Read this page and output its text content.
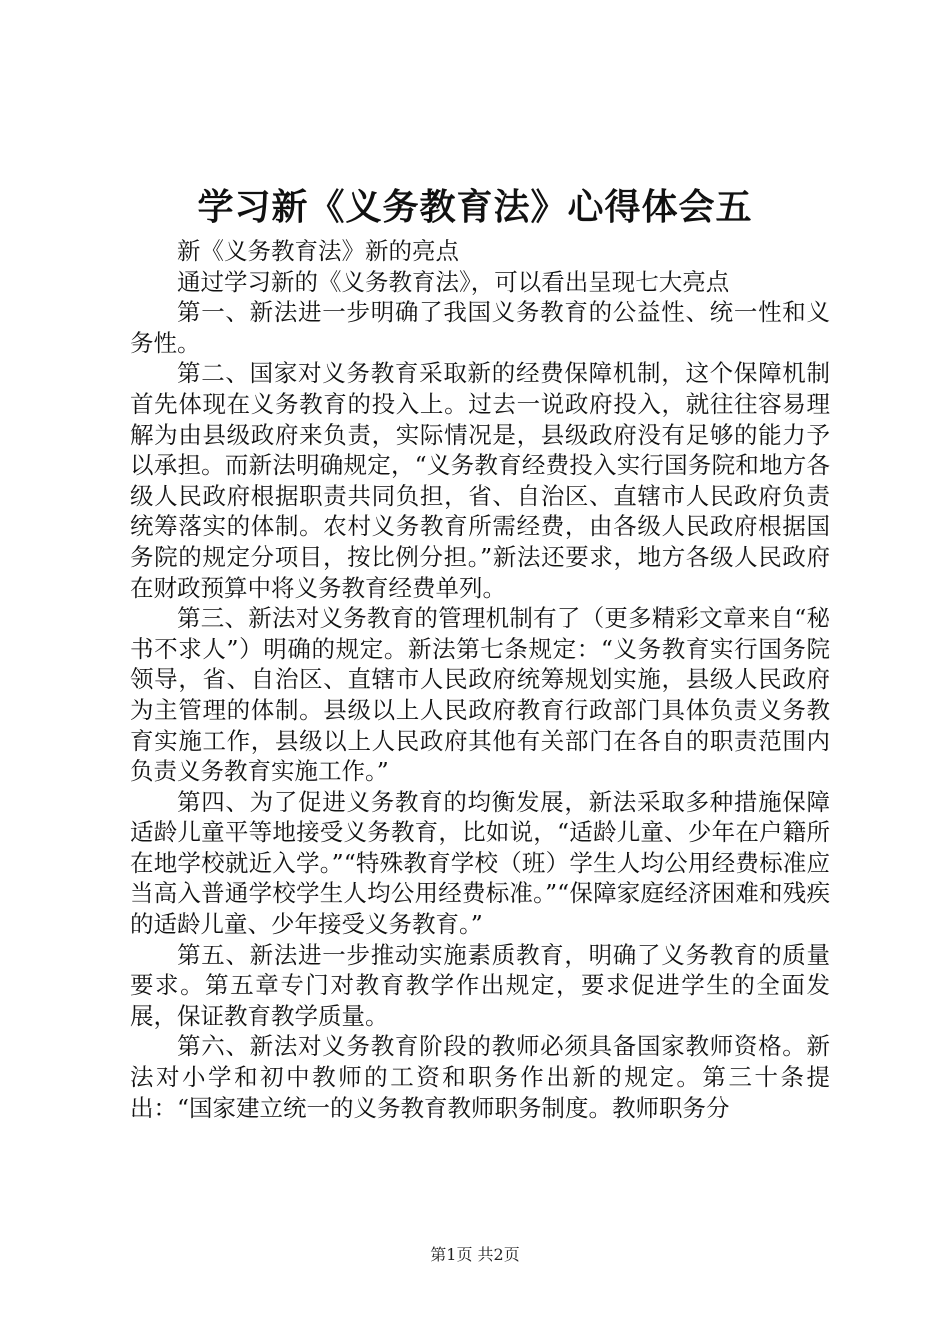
学习新《义务教育法》心得体会五

新《义务教育法》新的亮点

通过学习新的《义务教育法》，可以看出呈现七大亮点

第一、新法进一步明确了我国义务教育的公益性、统一性和义务性。

第二、国家对义务教育采取新的经费保障机制，这个保障机制首先体现在义务教育的投入上。过去一说政府投入，就往往容易理解为由县级政府来负责，实际情况是，县级政府没有足够的能力予以承担。而新法明确规定，“义务教育经费投入实行国务院和地方各级人民政府根据职责共同负担，省、自治区、直辖市人民政府负责统筹落实的体制。农村义务教育所需经费，由各级人民政府根据国务院的规定分项目，按比例分担。”新法还要求，地方各级人民政府在财政预算中将义务教育经费单列。

第三、新法对义务教育的管理机制有了（更多精彩文章来自“秘书不求人”）明确的规定。新法第七条规定：“义务教育实行国务院领导，省、自治区、直辖市人民政府统筹规划实施，县级人民政府为主管理的体制。县级以上人民政府教育行政部门具体负责义务教育实施工作，县级以上人民政府其他有关部门在各自的职责范围内负责义务教育实施工作。”

第四、为了促进义务教育的均衡发展，新法采取多种措施保障适龄儿童平等地接受义务教育，比如说，“适龄儿童、少年在户籍所在地学校就近入学。”“特殊教育学校（班）学生人均公用经费标准应当高入普通学校学生人均公用经费标准。”“保障家庭经济困难和残疾的适龄儿童、少年接受义务教育。”

第五、新法进一步推动实施素质教育，明确了义务教育的质量要求。第五章专门对教育教学作出规定，要求促进学生的全面发展，保证教育教学质量。

第六、新法对义务教育阶段的教师必须具备国家教师资格。新法对小学和初中教师的工资和职务作出新的规定。第三十条提出：“国家建立统一的义务教育教师职务制度。教师职务分

第1页 共2页
